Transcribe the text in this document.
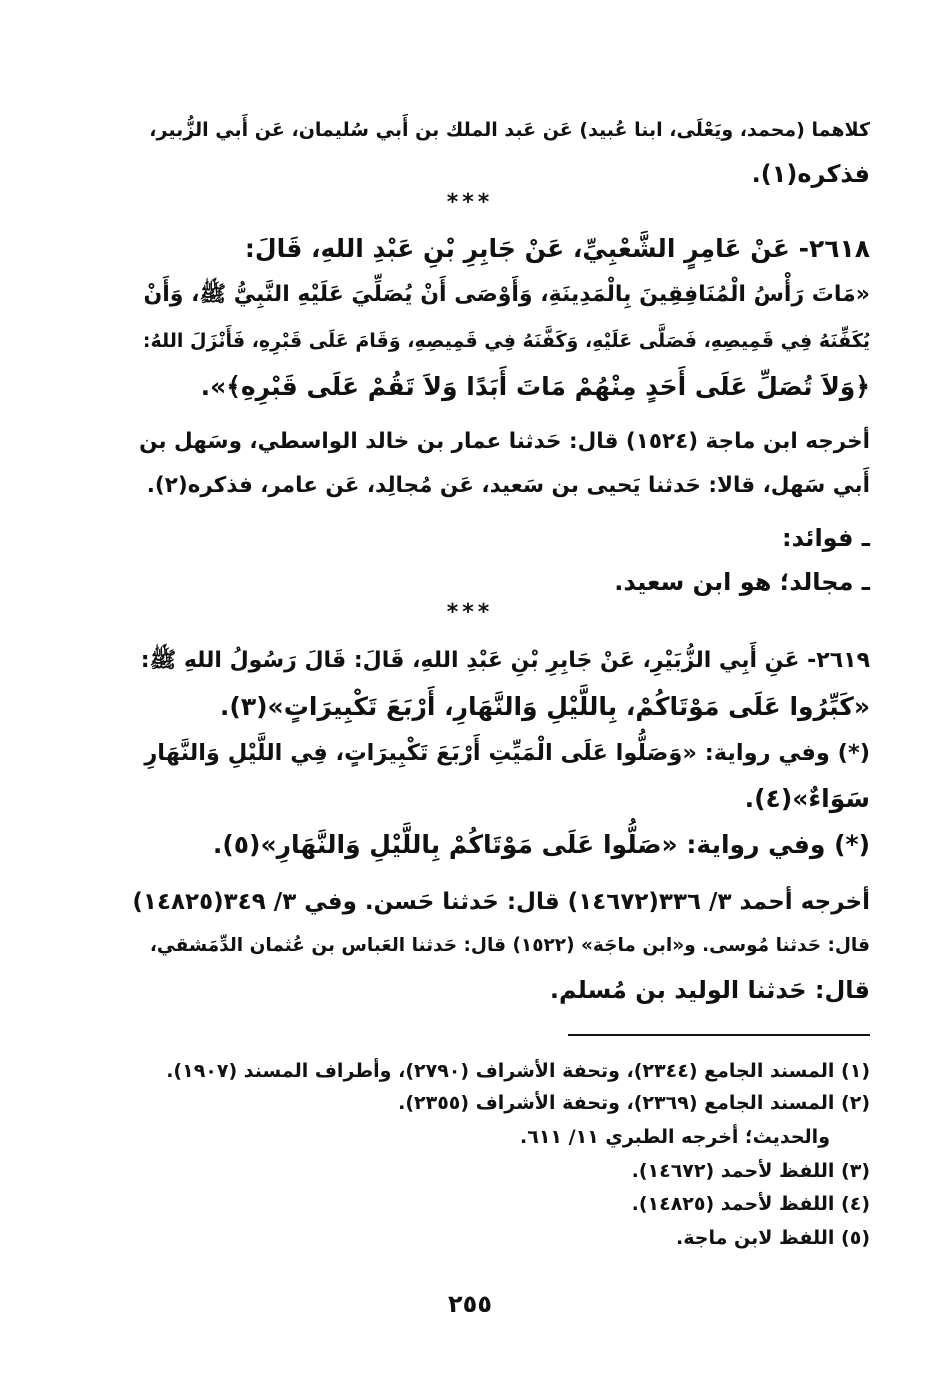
كلاهما (محمد، ويَعْلَى، ابنا عُبيد) عَن عَبد الملك بن أَبي سُليمان، عَن أَبي الزُّبير،
فذكره(١).
***
٢٦١٨- عَنْ عَامِرٍ الشَّعْبِيِّ، عَنْ جَابِرِ بْنِ عَبْدِ اللهِ، قَالَ:
«مَاتَ رَأْسُ الْمُنَافِقِينَ بِالْمَدِينَةِ، وَأَوْصَى أَنْ يُصَلِّيَ عَلَيْهِ النَّبِيُّ ﷺ، وَأَنْ
يُكَفِّنَهُ فِي قَمِيصِهِ، فَصَلَّى عَلَيْهِ، وَكَفَّنَهُ فِي قَمِيصِهِ، وَقَامَ عَلَى قَبْرِهِ، فَأَنْزَلَ اللهُ:
﴿وَلاَ تُصَلِّ عَلَى أَحَدٍ مِنْهُمْ مَاتَ أَبَدًا وَلاَ تَقُمْ عَلَى قَبْرِهِ﴾».
أخرجه ابن ماجة (١٥٢٤) قال: حَدثنا عمار بن خالد الواسطي، وسَهل بن
أَبي سَهل، قالا: حَدثنا يَحيى بن سَعيد، عَن مُجالِد، عَن عامر، فذكره(٢).
ـ فوائد:
ـ مجالد؛ هو ابن سعيد.
***
٢٦١٩- عَنِ أَبِي الزُّبَيْرِ، عَنْ جَابِرِ بْنِ عَبْدِ اللهِ، قَالَ: قَالَ رَسُولُ اللهِ ﷺ:
«كَبِّرُوا عَلَى مَوْتَاكُمْ، بِاللَّيْلِ وَالنَّهَارِ، أَرْبَعَ تَكْبِيرَاتٍ»(٣).
(*) وفي رواية: «وَصَلُّوا عَلَى الْمَيِّتِ أَرْبَعَ تَكْبِيرَاتٍ، فِي اللَّيْلِ وَالنَّهَارِ
سَوَاءٌ»(٤).
(*) وفي رواية: «صَلُّوا عَلَى مَوْتَاكُمْ بِاللَّيْلِ وَالنَّهَارِ»(٥).
أخرجه أحمد ٣/ ٣٣٦(١٤٦٧٢) قال: حَدثنا حَسن. وفي ٣/ ٣٤٩(١٤٨٢٥)
قال: حَدثنا مُوسى. و«ابن ماجَة» (١٥٢٢) قال: حَدثنا العَباس بن عُثمان الدِّمَشقي،
قال: حَدثنا الوليد بن مُسلم.
(١) المسند الجامع (٢٣٤٤)، وتحفة الأشراف (٢٧٩٠)، وأطراف المسند (١٩٠٧).
(٢) المسند الجامع (٢٣٦٩)، وتحفة الأشراف (٢٣٥٥).
والحديث؛ أخرجه الطبري ١١/ ٦١١.
(٣) اللفظ لأحمد (١٤٦٧٢).
(٤) اللفظ لأحمد (١٤٨٢٥).
(٥) اللفظ لابن ماجة.
٢٥٥
